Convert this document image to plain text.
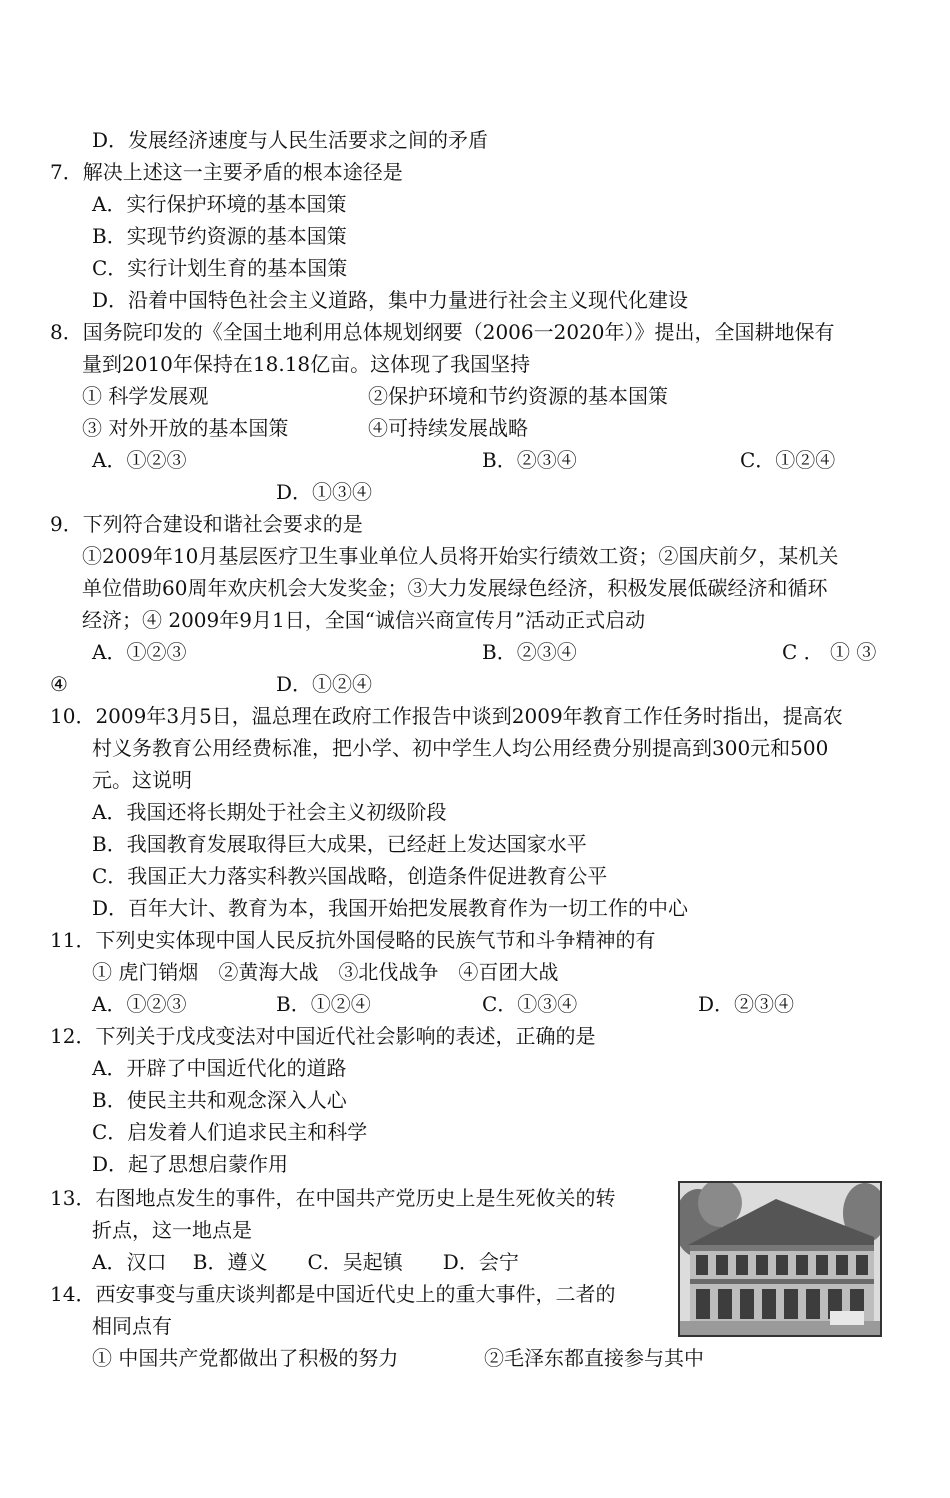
D．发展经济速度与人民生活要求之间的矛盾
7．解决上述这一主要矛盾的根本途径是
A．实行保护环境的基本国策
B．实现节约资源的基本国策
C．实行计划生育的基本国策
D．沿着中国特色社会主义道路，集中力量进行社会主义现代化建设
8．国务院印发的《全国土地利用总体规划纲要（2006一2020年）》提出，全国耕地保有
量到2010年保持在18.18亿亩。这体现了我国坚持
① 科学发展观	②保护环境和节约资源的基本国策
③ 对外开放的基本国策	④可持续发展战略
A．①②③	B．②③④	C．①②④
D．①③④
9．下列符合建设和谐社会要求的是
①2009年10月基层医疗卫生事业单位人员将开始实行绩效工资；②国庆前夕，某机关
单位借助60周年欢庆机会大发奖金；③大力发展绿色经济，积极发展低碳经济和循环
经济；④ 2009年9月1日，全国“诚信兴商宣传月”活动正式启动
A．①②③	B．②③④	C ． ① ③
④	D．①②④
10．2009年3月5日，温总理在政府工作报告中谈到2009年教育工作任务时指出，提高农
村义务教育公用经费标准，把小学、初中学生人均公用经费分别提高到300元和500
元。这说明
A．我国还将长期处于社会主义初级阶段
B．我国教育发展取得巨大成果，已经赶上发达国家水平
C．我国正大力落实科教兴国战略，创造条件促进教育公平
D．百年大计、教育为本，我国开始把发展教育作为一切工作的中心
11．下列史实体现中国人民反抗外国侵略的民族气节和斗争精神的有
① 虎门销烟　②黄海大战　③北伐战争　④百团大战
A．①②③	B．①②④	C．①③④	D．②③④
12．下列关于戊戌变法对中国近代社会影响的表述，正确的是
A．开辟了中国近代化的道路
B．使民主共和观念深入人心
C．启发着人们追求民主和科学
D．起了思想启蒙作用
13．右图地点发生的事件，在中国共产党历史上是生死攸关的转
折点，这一地点是
A．汉口　 B．遵义　　C．吴起镇　　D．会宁
14．西安事变与重庆谈判都是中国近代史上的重大事件，二者的
相同点有
① 中国共产党都做出了积极的努力	②毛泽东都直接参与其中
